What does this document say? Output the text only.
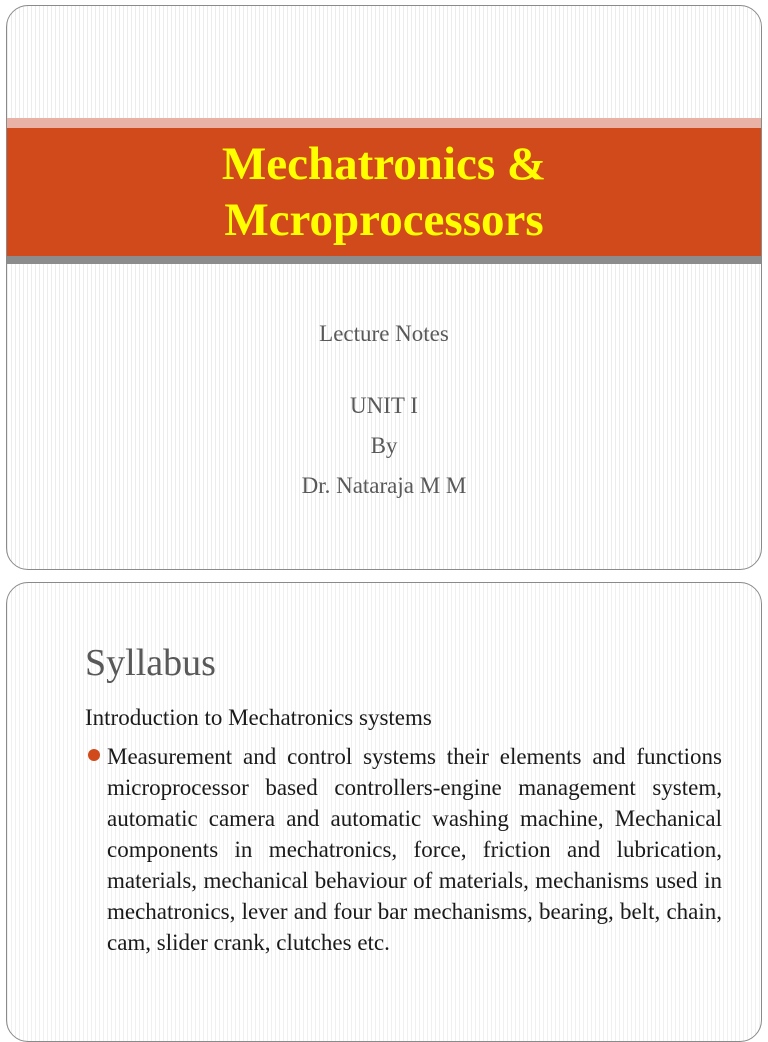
Mechatronics &
Mcroprocessors
Lecture Notes
UNIT I
By
Dr. Nataraja M M
Syllabus

Introduction to Mechatronics systems

Measurement and control systems their elements and functions microprocessor based controllers-engine management system, automatic camera and automatic washing machine, Mechanical components in mechatronics, force, friction and lubrication, materials, mechanical behaviour of materials, mechanisms used in mechatronics, lever and four bar mechanisms, bearing, belt, chain, cam, slider crank, clutches etc.
